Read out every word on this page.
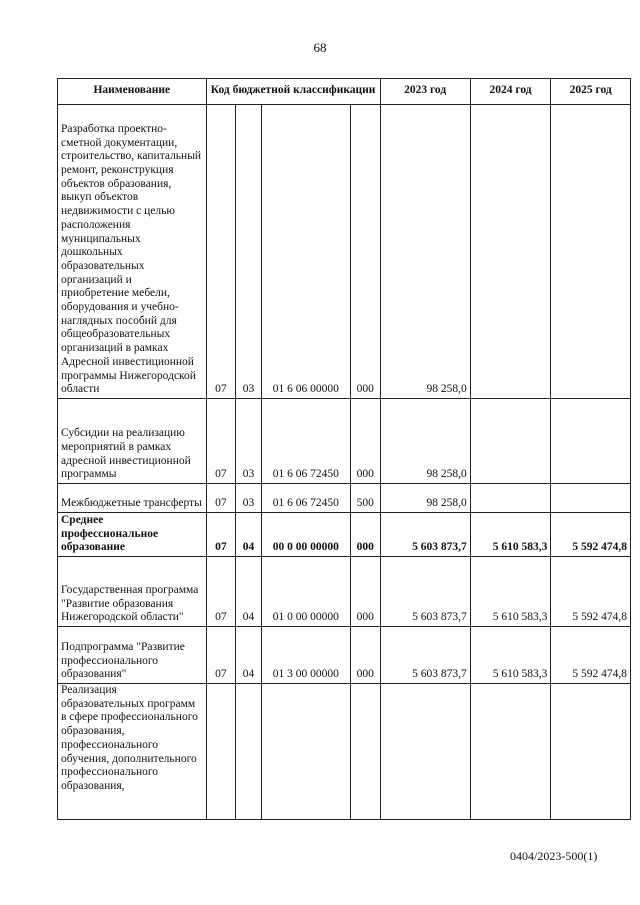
68
Наименование	Код бюджетной классификации				2023 год	2024 год	2025 год
Разработка проектно-сметной документации, строительство, капитальный ремонт, реконструкция объектов образования, выкуп объектов недвижимости с целью расположения муниципальных дошкольных образовательных организаций и приобретение мебели, оборудования и учебно-наглядных пособий для общеобразовательных организаций в рамках Адресной инвестиционной программы Нижегородской области	07	03	01 6 06 00000	000	98 258,0		
Субсидии на реализацию мероприятий в рамках адресной инвестиционной программы	07	03	01 6 06 72450	000	98 258,0		
Межбюджетные трансферты	07	03	01 6 06 72450	500	98 258,0		
Среднее профессиональное образование	07	04	00 0 00 00000	000	5 603 873,7	5 610 583,3	5 592 474,8
Государственная программа "Развитие образования Нижегородской области"	07	04	01 0 00 00000	000	5 603 873,7	5 610 583,3	5 592 474,8
Подпрограмма "Развитие профессионального образования"	07	04	01 3 00 00000	000	5 603 873,7	5 610 583,3	5 592 474,8
Реализация образовательных программ в сфере профессионального образования, профессионального обучения, дополнительного профессионального образования,							
0404/2023-500(1)
